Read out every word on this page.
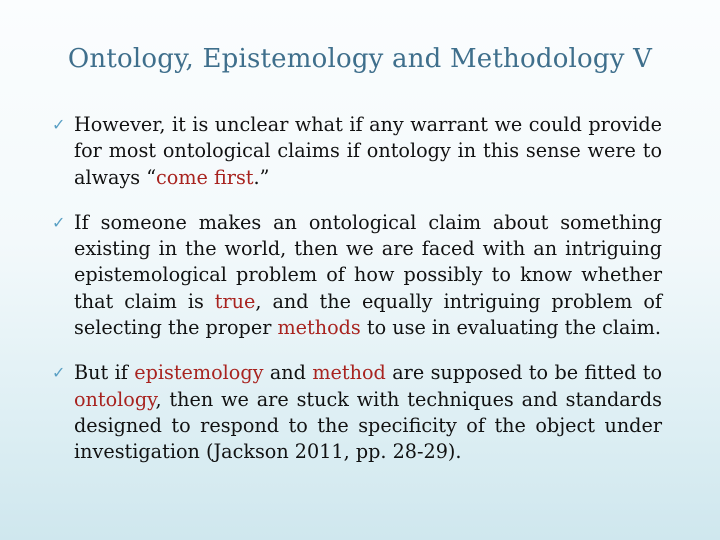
Ontology, Epistemology and Methodology V
✓ However, it is unclear what if any warrant we could provide for most ontological claims if ontology in this sense were to always “come first.”
✓ If someone makes an ontological claim about something existing in the world, then we are faced with an intriguing epistemological problem of how possibly to know whether that claim is true, and the equally intriguing problem of selecting the proper methods to use in evaluating the claim.
✓ But if epistemology and method are supposed to be fitted to ontology, then we are stuck with techniques and standards designed to respond to the specificity of the object under investigation (Jackson 2011, pp. 28-29).
